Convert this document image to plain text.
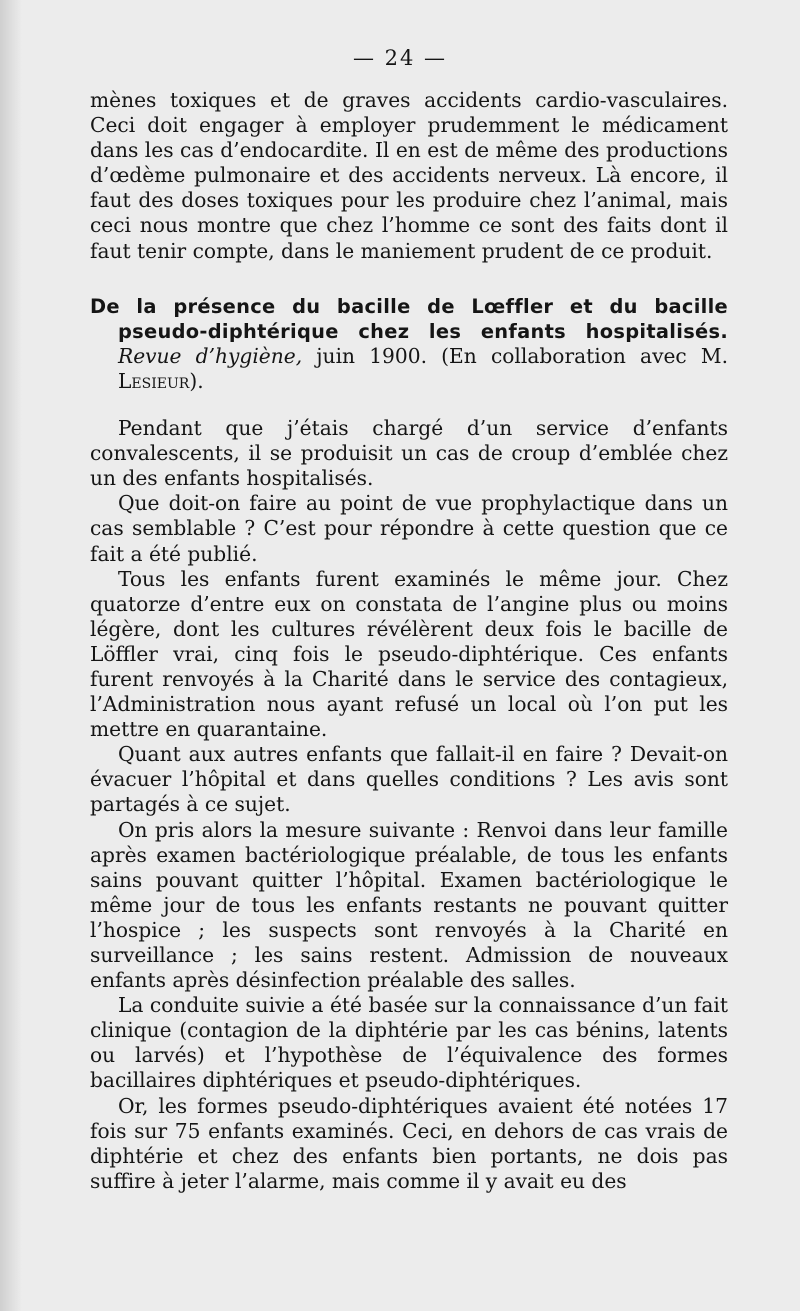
— 24 —

mènes toxiques et de graves accidents cardio-vasculaires. Ceci doit engager à employer prudemment le médicament dans les cas d’endocardite. Il en est de même des productions d’œdème pulmonaire et des accidents nerveux. Là encore, il faut des doses toxiques pour les produire chez l’animal, mais ceci nous montre que chez l’homme ce sont des faits dont il faut tenir compte, dans le maniement prudent de ce produit.

De la présence du bacille de Lœffler et du bacille pseudo-diphtérique chez les enfants hospitalisés. Revue d’hygiène, juin 1900. (En collaboration avec M. Lesieur).

Pendant que j’étais chargé d’un service d’enfants convalescents, il se produisit un cas de croup d’emblée chez un des enfants hospitalisés.

Que doit-on faire au point de vue prophylactique dans un cas semblable ? C’est pour répondre à cette question que ce fait a été publié.

Tous les enfants furent examinés le même jour. Chez quatorze d’entre eux on constata de l’angine plus ou moins légère, dont les cultures révélèrent deux fois le bacille de Löffler vrai, cinq fois le pseudo-diphtérique. Ces enfants furent renvoyés à la Charité dans le service des contagieux, l’Administration nous ayant refusé un local où l’on put les mettre en quarantaine.

Quant aux autres enfants que fallait-il en faire ? Devait-on évacuer l’hôpital et dans quelles conditions ? Les avis sont partagés à ce sujet.

On pris alors la mesure suivante : Renvoi dans leur famille après examen bactériologique préalable, de tous les enfants sains pouvant quitter l’hôpital. Examen bactériologique le même jour de tous les enfants restants ne pouvant quitter l’hospice ; les suspects sont renvoyés à la Charité en surveillance ; les sains restent. Admission de nouveaux enfants après désinfection préalable des salles.

La conduite suivie a été basée sur la connaissance d’un fait clinique (contagion de la diphtérie par les cas bénins, latents ou larvés) et l’hypothèse de l’équivalence des formes bacillaires diphtériques et pseudo-diphtériques.

Or, les formes pseudo-diphtériques avaient été notées 17 fois sur 75 enfants examinés. Ceci, en dehors de cas vrais de diphtérie et chez des enfants bien portants, ne dois pas suffire à jeter l’alarme, mais comme il y avait eu des
